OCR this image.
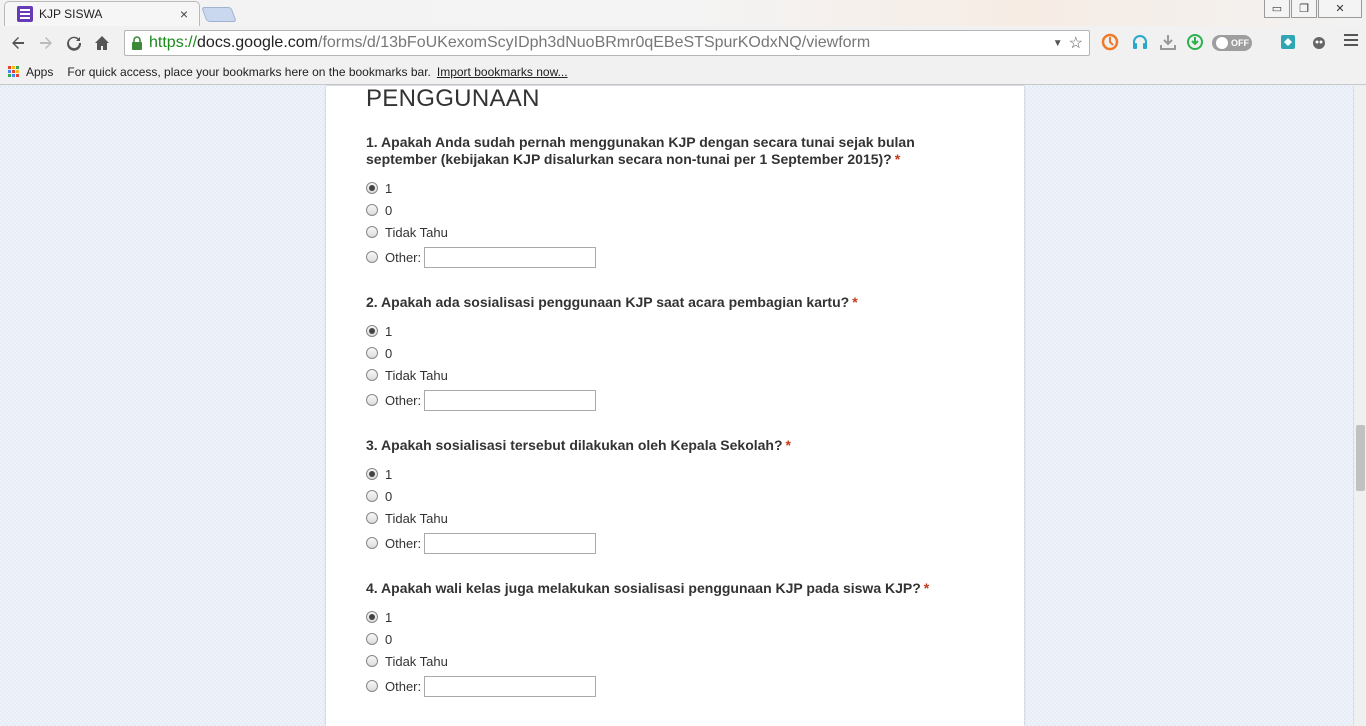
KJP SISWA	×	▭	❐	✕
https://docs.google.com/forms/d/13bFoUKexomScyIDph3dNuoBRmr0qEBeSTSpurKOdxNQ/viewform	▼ ☆	OFF
Apps For quick access, place your bookmarks here on the bookmarks bar. Import bookmarks now...
PENGGUNAAN
1. Apakah Anda sudah pernah menggunakan KJP dengan secara tunai sejak bulan september (kebijakan KJP disalurkan secara non-tunai per 1 September 2015)? *
1
0
Tidak Tahu
Other:
2. Apakah ada sosialisasi penggunaan KJP saat acara pembagian kartu? *
1
0
Tidak Tahu
Other:
3. Apakah sosialisasi tersebut dilakukan oleh Kepala Sekolah? *
1
0
Tidak Tahu
Other:
4. Apakah wali kelas juga melakukan sosialisasi penggunaan KJP pada siswa KJP? *
1
0
Tidak Tahu
Other:
